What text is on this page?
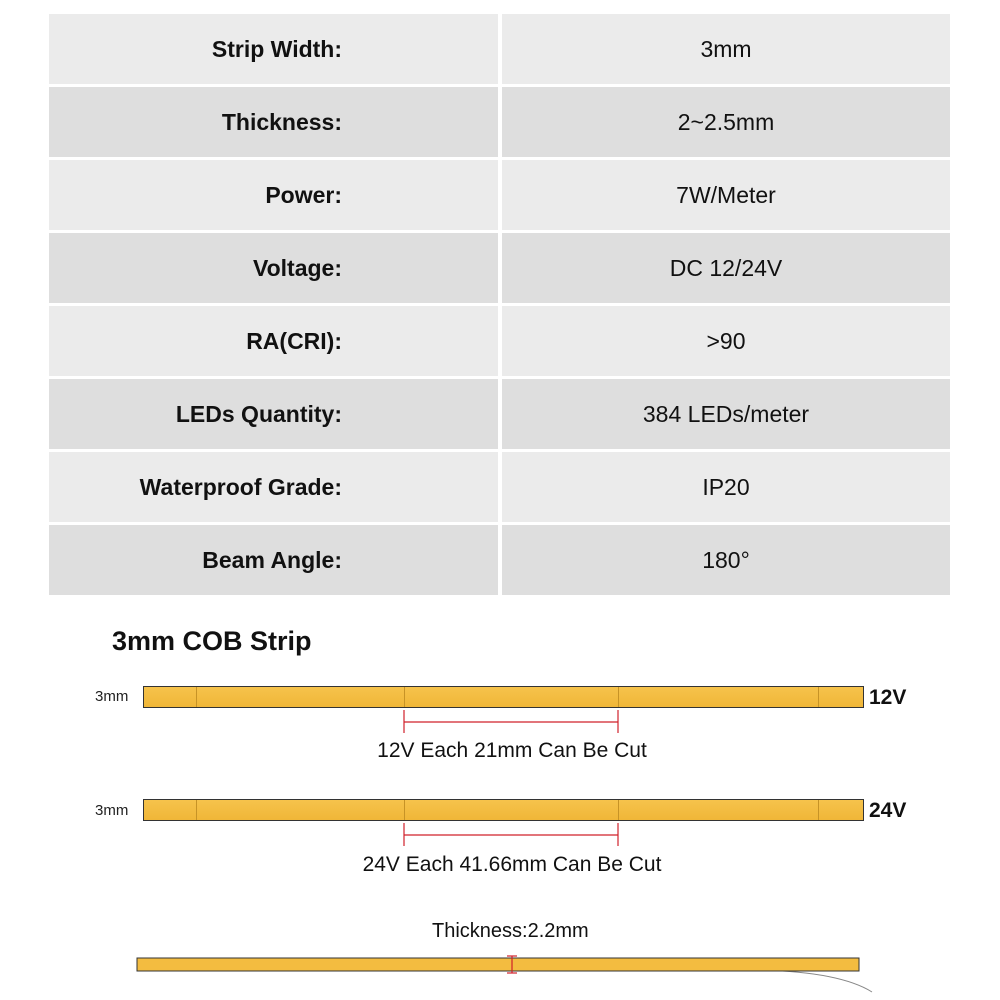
Strip Width:	3mm
Thickness:	2~2.5mm
Power:	7W/Meter
Voltage:	DC 12/24V
RA(CRI):	>90
LEDs Quantity:	384 LEDs/meter
Waterproof Grade:	IP20
Beam Angle:	180°
3mm COB Strip
3mm	12V
12V Each 21mm Can Be Cut
3mm	24V
24V Each 41.66mm Can Be Cut
Thickness:2.2mm
